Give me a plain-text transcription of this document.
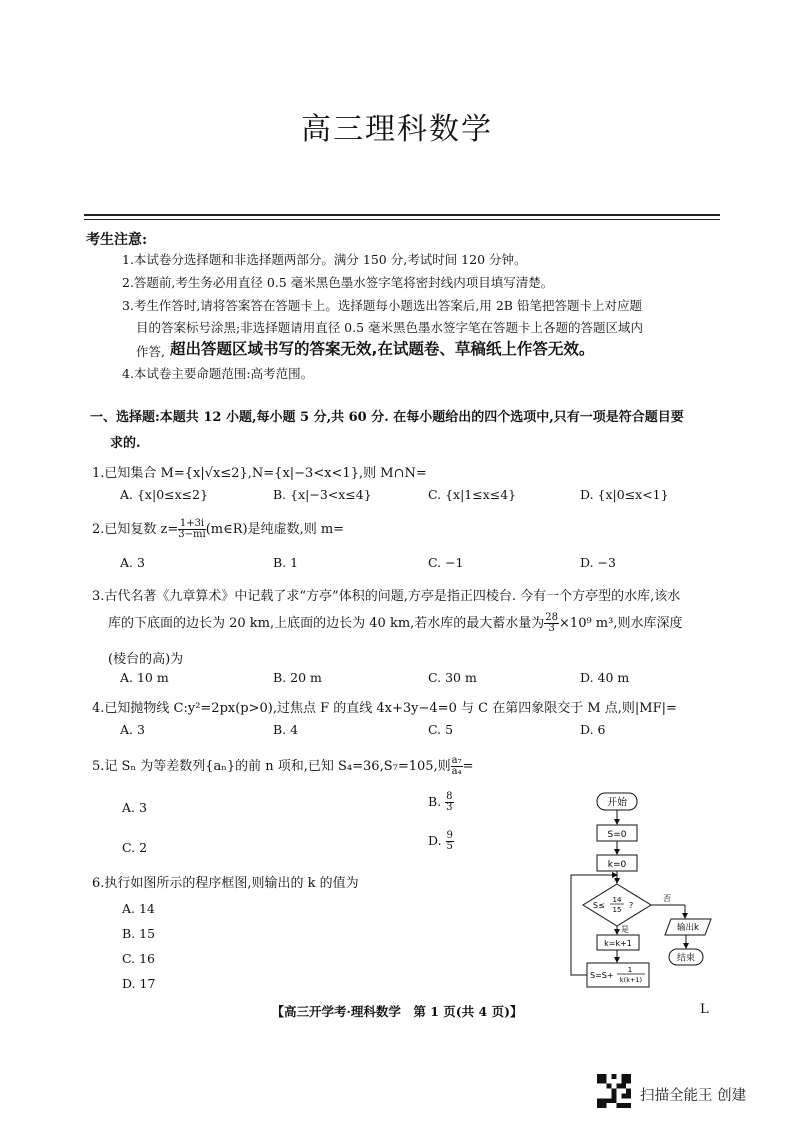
高三理科数学
考生注意:
1.本试卷分选择题和非选择题两部分。满分 150 分,考试时间 120 分钟。
2.答题前,考生务必用直径 0.5 毫米黑色墨水签字笔将密封线内项目填写清楚。
3.考生作答时,请将答案答在答题卡上。选择题每小题选出答案后,用 2B 铅笔把答题卡上对应题
目的答案标号涂黑;非选择题请用直径 0.5 毫米黑色墨水签字笔在答题卡上各题的答题区域内
作答, 超出答题区域书写的答案无效,在试题卷、草稿纸上作答无效。
4.本试卷主要命题范围:高考范围。
一、选择题:本题共 12 小题,每小题 5 分,共 60 分. 在每小题给出的四个选项中,只有一项是符合题目要
求的.
1.已知集合 M={x|√x≤2},N={x|−3<x<1},则 M∩N=
A. {x|0≤x≤2}	B. {x|−3<x≤4}	C. {x|1≤x≤4}	D. {x|0≤x<1}
2.已知复数 $z= \frac{1+3i}{3-mi}$ (m∈R)是纯虚数,则 m=
A. 3	B. 1	C. −1	D. −3
3.古代名著《九章算术》中记载了求“方亭”体积的问题,方亭是指正四棱台. 今有一个方亭型的水库,该水
库的下底面的边长为 20 km,上底面的边长为 40 km,若水库的最大蓄水量为 $\frac{28}{3} \times 10^9$ m³,则水库深度
(棱台的高)为
A. 10 m	B. 20 m	C. 30 m	D. 40 m
4.已知抛物线 C:y²=2px(p>0),过焦点 F 的直线 4x+3y−4=0 与 C 在第四象限交于 M 点,则|MF|=
A. 3	B. 4	C. 5	D. 6
5.记 Sₙ 为等差数列{aₙ}的前 n 项和,已知 S₄=36,S₇=105,则 $\frac{\text{a₇}}{\text{a₄}}$ =
A. 3	B. $\frac{8}{3}$
C. 2	D. $\frac{9}{5}$
6.执行如图所示的程序框图,则输出的 k 的值为
A. 14
B. 15
C. 16
D. 17
开始
S=0
k=0
S≤
14
15 ?
否
输出k
结束
是
k=k+1
S=S+
1
k(k+1)
【高三开学考·理科数学　第 1 页(共 4 页)】	L
扫描全能王 创建
